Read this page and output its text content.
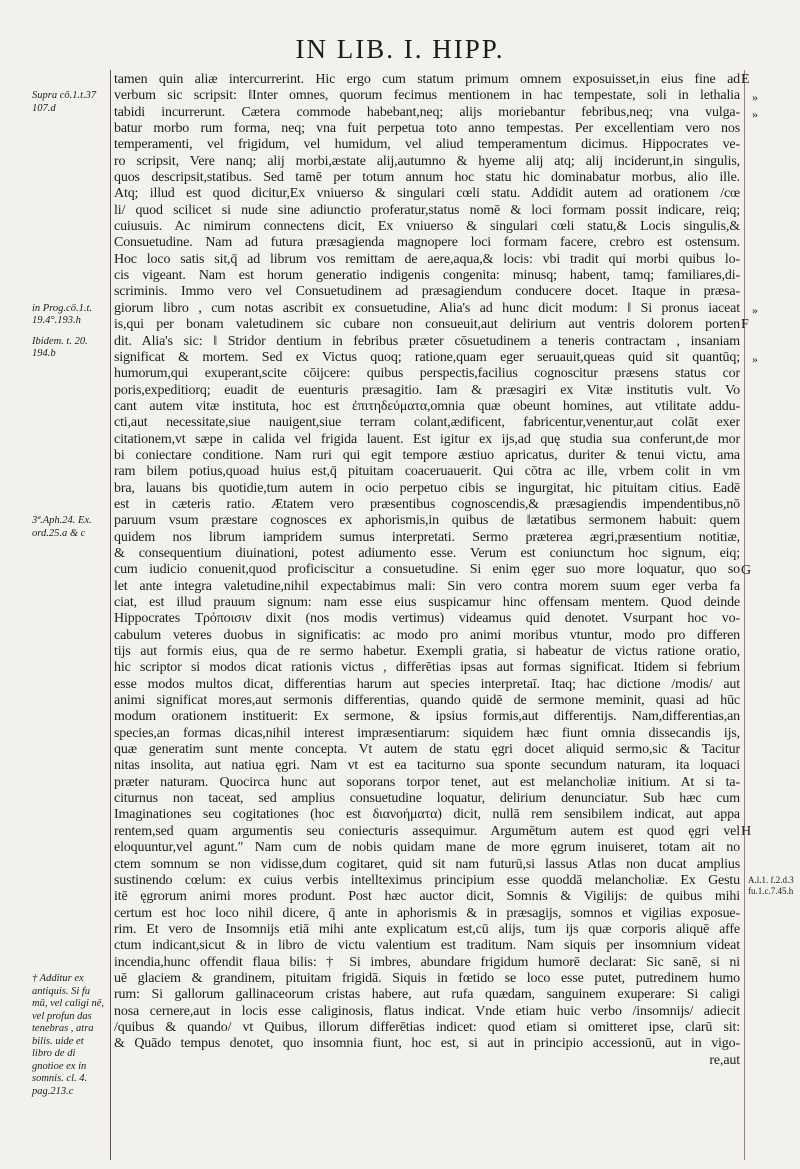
IN LIB. I. HIPP.
tamen quin aliæ intercurrerint. Hic ergo cum statum primum omnem exposuisset,in eius fine ad
verbum sic scripsit: ‖Inter omnes, quorum fecimus mentionem in hac tempestate, soli in lethalia
tabidi incurrerunt. Cætera commode habebant,neq; alijs moriebantur febribus,neq; vna vulga-
batur morbo rum forma, neq; vna fuit perpetua toto anno tempestas. Per excellentiam vero nos
temperamenti, vel frigidum, vel humidum, vel aliud temperamentum dicimus. Hippocrates ve-
ro scripsit, Vere nanq; alij morbi,æstate alij,autumno & hyeme alij atq; alij inciderunt,in singulis,
quos descripsit,statibus. Sed tamē per totum annum hoc statu hic dominabatur morbus, alio ille.
Atq; illud est quod dicitur,Ex vniuerso & singulari cœli statu. Addidit autem ad orationem /cœ
li/ quod scilicet si nude sine adiunctio proferatur,status nomē & loci formam possit indicare, reiq;
cuiusuis. Ac nimirum connectens dicit, Ex vniuerso & singulari cœli statu,& Locis singulis,&
Consuetudine. Nam ad futura præsagienda magnopere loci formam facere, crebro est ostensum.
Hoc loco satis sit,q̄ ad librum vos remittam de aere,aqua,& locis: vbi tradit qui morbi quibus lo-
cis vigeant. Nam est horum generatio indigenis congenita: minusq; habent, tamq; familiares,di-
scriminis. Immo vero vel Consuetudinem ad præsagiendum conducere docet. Itaque in præsa-
giorum libro , cum notas ascribit ex consuetudine, Alia's ad hunc dicit modum: ‖ Si pronus iaceat
is,qui per bonam valetudinem sic cubare non consueuit,aut delirium aut ventris dolorem porten
dit. Alia's sic: ‖ Stridor dentium in febribus præter cōsuetudinem a teneris contractam , insaniam
significat & mortem. Sed ex Victus quoq; ratione,quam eger seruauit,queas quid sit quantūq;
humorum,qui exuperant,scite cōijcere: quibus perspectis,facilius cognoscitur præsens status cor
poris,expeditiorq; euadit de euenturis præsagitio. Iam & præsagiri ex Vitæ institutis vult. Vo
cant autem vitæ instituta, hoc est ἐπιτηδεύματα,omnia quæ obeunt homines, aut vtilitate addu-
cti,aut necessitate,siue nauigent,siue terram colant,ædificent, fabricentur,venentur,aut colāt exer
citationem,vt sæpe in calida vel frigida lauent. Est igitur ex ijs,ad quę studia sua conferunt,de mor
bi coniectare conditione. Nam ruri qui egit tempore æstiuo apricatus, duriter & tenui victu, ama
ram bilem potius,quoad huius est,q̄ pituitam coaceruauerit. Qui cōtra ac ille, vrbem colit in vm
bra, lauans bis quotidie,tum autem in ocio perpetuo cibis se ingurgitat, hic pituitam citius. Eadē
est in cæteris ratio. Ætatem vero præsentibus cognoscendis,& præsagiendis impendentibus,nō
paruum vsum præstare cognosces ex aphorismis,in quibus de ‖ætatibus sermonem habuit: quem
quidem nos librum iampridem sumus interpretati. Sermo præterea ægri,præsentium notitiæ,
& consequentium diuinationi, potest adiumento esse. Verum est coniunctum hoc signum, eiq;
cum iudicio conuenit,quod proficiscitur a consuetudine. Si enim ęger suo more loquatur, quo so
let ante integra valetudine,nihil expectabimus mali: Sin vero contra morem suum eger verba fa
ciat, est illud prauum signum: nam esse eius suspicamur hinc offensam mentem. Quod deinde
Hippocrates Τρόποισιν dixit (nos modis vertimus) videamus quid denotet. Vsurpant hoc vo-
cabulum veteres duobus in significatis: ac modo pro animi moribus vtuntur, modo pro differen
tijs aut formis eius, qua de re sermo habetur. Exempli gratia, si habeatur de victus ratione oratio,
hic scriptor si modos dicat rationis victus , differētias ipsas aut formas significat. Itidem si febrium
esse modos multos dicat, differentias harum aut species interpretaī. Itaq; hac dictione /modis/ aut
animi significat mores,aut sermonis differentias, quando quidē de sermone meminit, quasi ad hūc
modum orationem instituerit: Ex sermone, & ipsius formis,aut differentijs. Nam,differentias,an
species,an formas dicas,nihil interest impræsentiarum: siquidem hæc fiunt omnia dissecandis ijs,
quæ generatim sunt mente concepta. Vt autem de statu ęgri docet aliquid sermo,sic & Tacitur
nitas insolita, aut natiua ęgri. Nam vt est ea taciturno sua sponte secundum naturam, ita loquaci
præter naturam. Quocirca hunc aut soporans torpor tenet, aut est melancholiæ initium. At si ta-
citurnus non taceat, sed amplius consuetudine loquatur, delirium denunciatur. Sub hæc cum
Imaginationes seu cogitationes (hoc est διανοήματα) dicit, nullā rem sensibilem indicat, aut appa
rentem,sed quam argumentis seu coniecturis assequimur. Argumētum autem est quod ęgri vel
eloquuntur,vel agunt.″ Nam cum de nobis quidam mane de more ęgrum inuiseret, totam ait no
ctem somnum se non vidisse,dum cogitaret, quid sit nam futurū,si lassus Atlas non ducat amplius
sustinendo cœlum: ex cuius verbis intellteximus principium esse quoddā melancholiæ. Ex Gestu
itē ęgrorum animi mores produnt. Post hæc auctor dicit, Somnis & Vigilijs: de quibus mihi
certum est hoc loco nihil dicere, q̄ ante in aphorismis & in præsagijs, somnos et vigilias exposue-
rim. Et vero de Insomnijs etiā mihi ante explicatum est,cū alijs, tum ijs quæ corporis aliquē affe
ctum indicant,sicut & in libro de victu valentium est traditum. Nam siquis per insomnium videat
incendia,hunc offendit flaua bilis: † Si imbres, abundare frigidum humorē declarat: Sic sanē, si ni
uē glaciem & grandinem, pituitam frigidā. Siquis in fœtido se loco esse putet, putredinem humo
rum: Si gallorum gallinaceorum cristas habere, aut rufa quædam, sanguinem exuperare: Si caligi
nosa cernere,aut in locis esse caliginosis, flatus indicat. Vnde etiam huic verbo /insomnijs/ adiecit
/quibus & quando/ vt Quibus, illorum differētias indicet: quod etiam si omitteret ipse, clarū sit:
& Quādo tempus denotet, quo insomnia fiunt, hoc est, si aut in principio accessionū, aut in vigo-
re,aut
Supra cō.1.t.37 107.d
in Prog.cō.1.t. 19.4°.193.h
Ibidem. t. 20. 194.b
3ª.Aph.24. Ex. ord.25.a & c
† Additur ex antiquis. Si fu mū, vel caligi nē, vel profun das tenebras , atra bilis. uide et libro de di gnotioe ex in somnis. cl. 4. pag.213.c
A.l.1. f.2.d.3 fu.1.c.7.45.h
E
F
G
H
»
»
»
»
